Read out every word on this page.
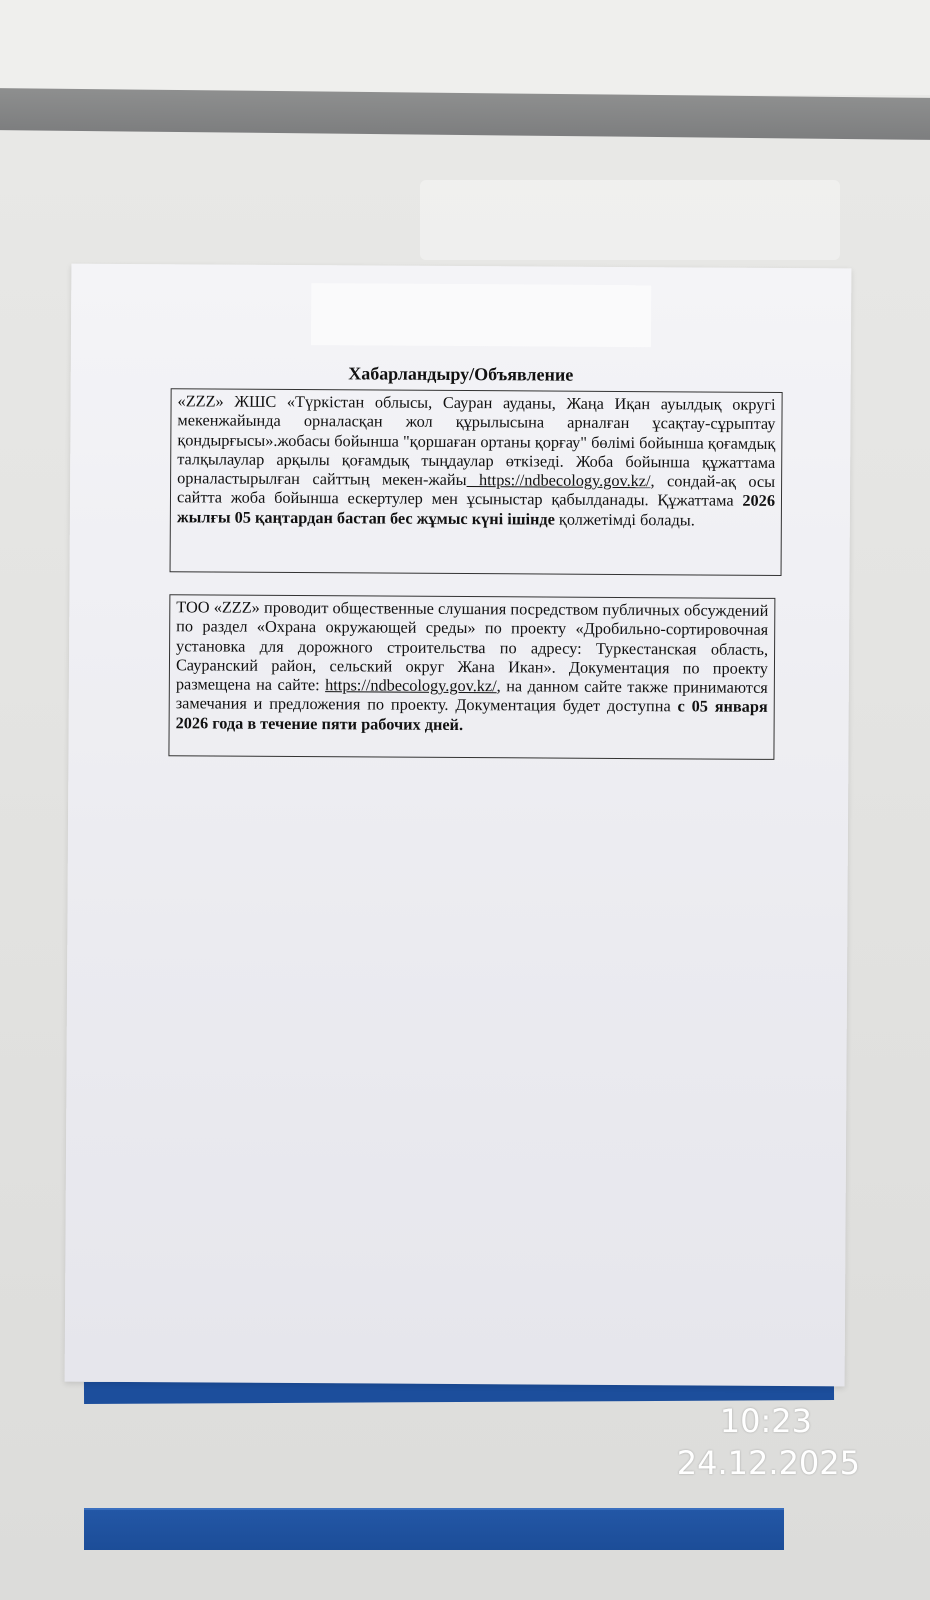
Хабарландыру/Объявление
«ZZZ» ЖШС «Түркістан облысы, Сауран ауданы, Жаңа Иқан ауылдық округі мекенжайында орналасқан жол құрылысына арналған ұсақтау-сұрыптау қондырғысы».жобасы бойынша "қоршаған ортаны қорғау" бөлімі бойынша қоғамдық талқылаулар арқылы қоғамдық тыңдаулар өткізеді. Жоба бойынша құжаттама орналастырылған сайттың мекен-жайы https://ndbecology.gov.kz/, сондай-ақ осы сайтта жоба бойынша ескертулер мен ұсыныстар қабылданады. Құжаттама 2026 жылғы 05 қаңтардан бастап бес жұмыс күні ішінде қолжетімді болады.
ТОО «ZZZ» проводит общественные слушания посредством публичных обсуждений по раздел «Охрана окружающей среды» по проекту «Дробильно-сортировочная установка для дорожного строительства по адресу: Туркестанская область, Сауранский район, сельский округ Жана Икан». Документация по проекту размещена на сайте: https://ndbecology.gov.kz/, на данном сайте также принимаются замечания и предложения по проекту. Документация будет доступна с 05 января 2026 года в течение пяти рабочих дней.
10:23
24.12.2025
